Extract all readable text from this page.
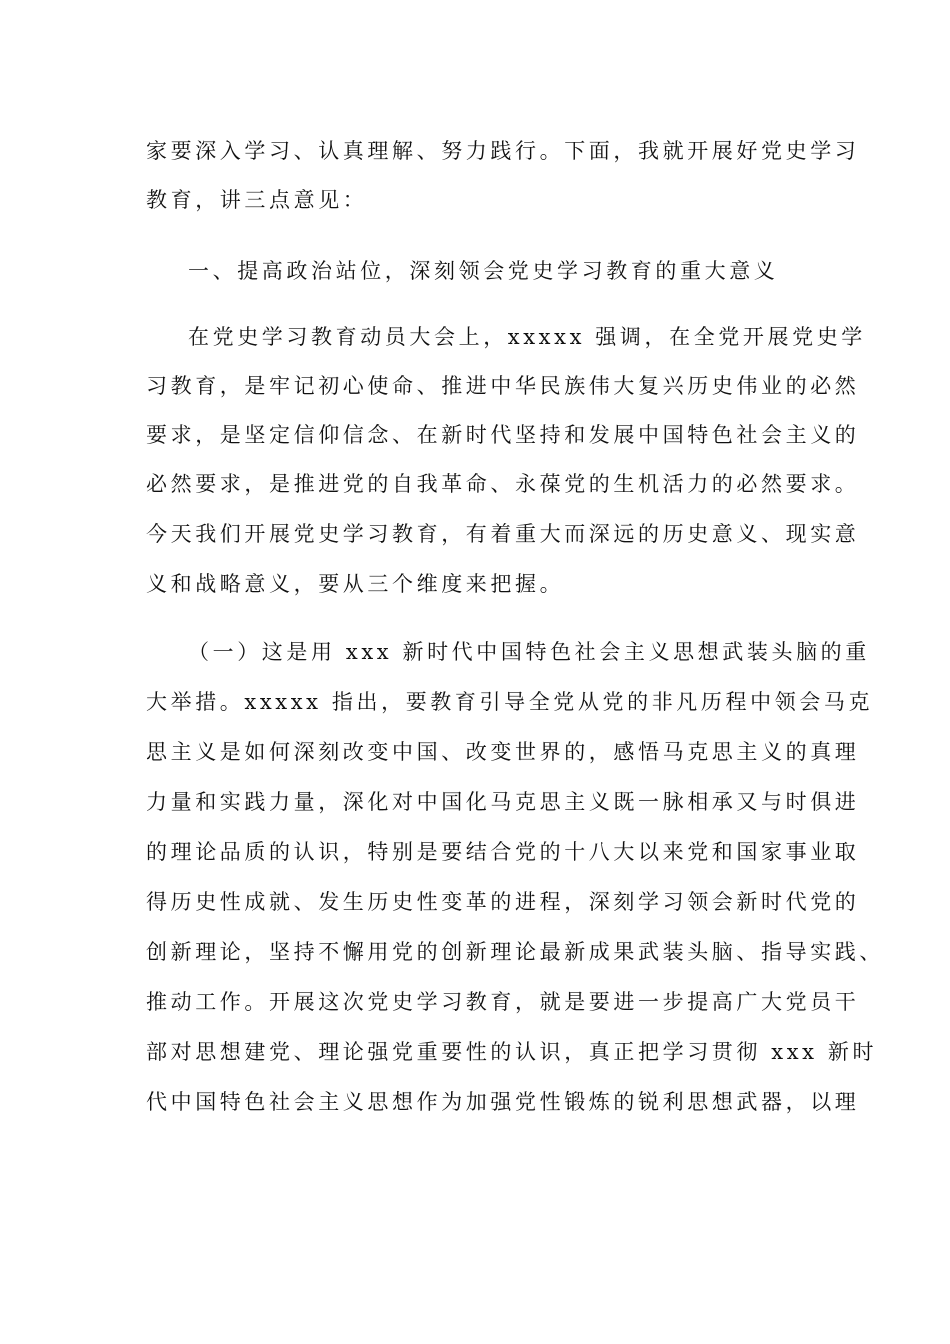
家要深入学习、认真理解、努力践行。下面，我就开展好党史学习

教育，讲三点意见：

一、提高政治站位，深刻领会党史学习教育的重大意义

在党史学习教育动员大会上，xxxxx 强调，在全党开展党史学

习教育，是牢记初心使命、推进中华民族伟大复兴历史伟业的必然

要求，是坚定信仰信念、在新时代坚持和发展中国特色社会主义的

必然要求，是推进党的自我革命、永葆党的生机活力的必然要求。

今天我们开展党史学习教育，有着重大而深远的历史意义、现实意

义和战略意义，要从三个维度来把握。

（一）这是用 xxx 新时代中国特色社会主义思想武装头脑的重

大举措。xxxxx 指出，要教育引导全党从党的非凡历程中领会马克

思主义是如何深刻改变中国、改变世界的，感悟马克思主义的真理

力量和实践力量，深化对中国化马克思主义既一脉相承又与时俱进

的理论品质的认识，特别是要结合党的十八大以来党和国家事业取

得历史性成就、发生历史性变革的进程，深刻学习领会新时代党的

创新理论，坚持不懈用党的创新理论最新成果武装头脑、指导实践、

推动工作。开展这次党史学习教育，就是要进一步提高广大党员干

部对思想建党、理论强党重要性的认识，真正把学习贯彻 xxx 新时

代中国特色社会主义思想作为加强党性锻炼的锐利思想武器，以理
